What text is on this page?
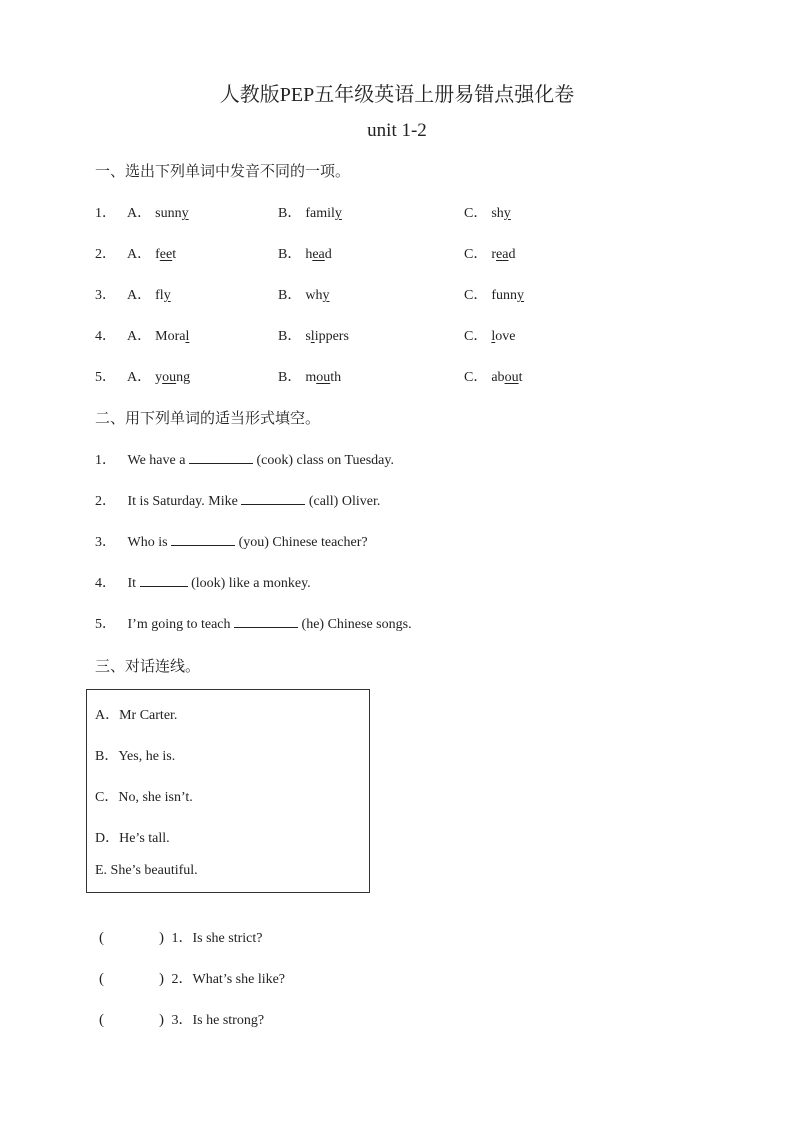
人教版PEP五年级英语上册易错点强化卷
unit 1-2
一、选出下列单词中发音不同的一项。
1． A． sunny	B． family	C． shy
2． A． feet	B． head	C． read
3． A． fly	B． why	C． funny
4． A． Moral	B． slippers	C． love
5． A． young	B． mouth	C． about
二、用下列单词的适当形式填空。
1． We have a	(cook) class on Tuesday.
2． It is Saturday. Mike	(call) Oliver.
3． Who is	(you) Chinese teacher?
4． It	(look) like a monkey.
5． I’m going to teach	(he) Chinese songs.
三、对话连线。
A．Mr Carter.
B．Yes, he is.
C．No, she isn’t.
D．He’s tall.
E. She’s beautiful.
(	) 1．Is she strict?
(	) 2．What’s she like?
(	) 3．Is he strong?
